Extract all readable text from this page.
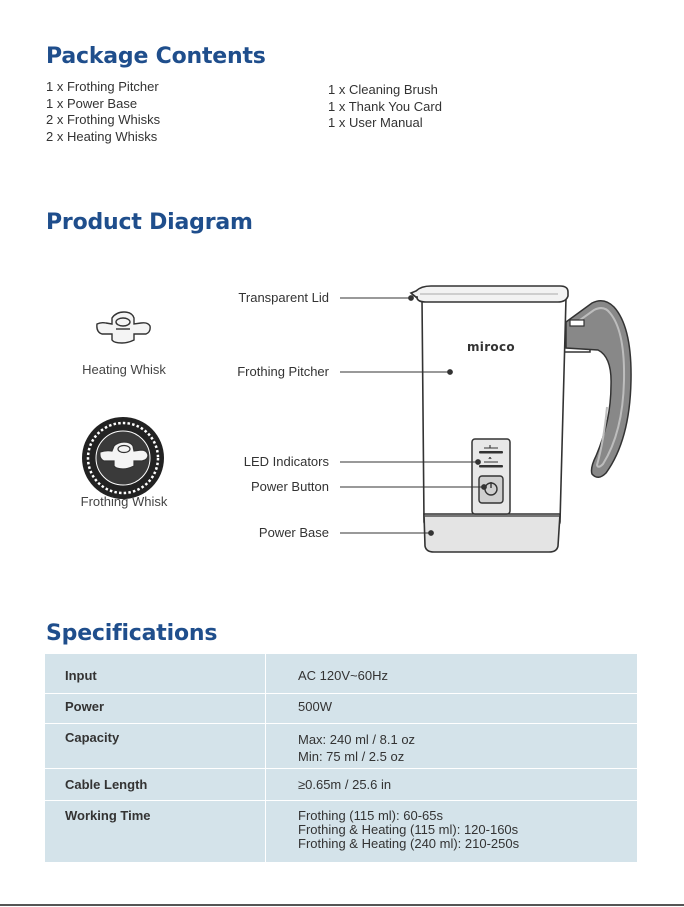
Package Contents
1 x Frothing Pitcher
1 x Power Base
2 x Frothing Whisks
2 x Heating Whisks
1 x Cleaning Brush
1 x Thank You Card
1 x User Manual
Product Diagram
Heating Whisk
Frothing Whisk
miroco
Transparent Lid
Frothing Pitcher
LED Indicators
Power Button
Power Base
Specifications
Input	AC 120V~60Hz

Power	500W

Capacity	Max: 240 ml / 8.1 oz
Min: 75 ml / 2.5 oz

Cable Length	≥0.65m / 25.6 in

Working Time	Frothing (115 ml): 60-65s
Frothing & Heating (115 ml): 120-160s
Frothing & Heating (240 ml): 210-250s
